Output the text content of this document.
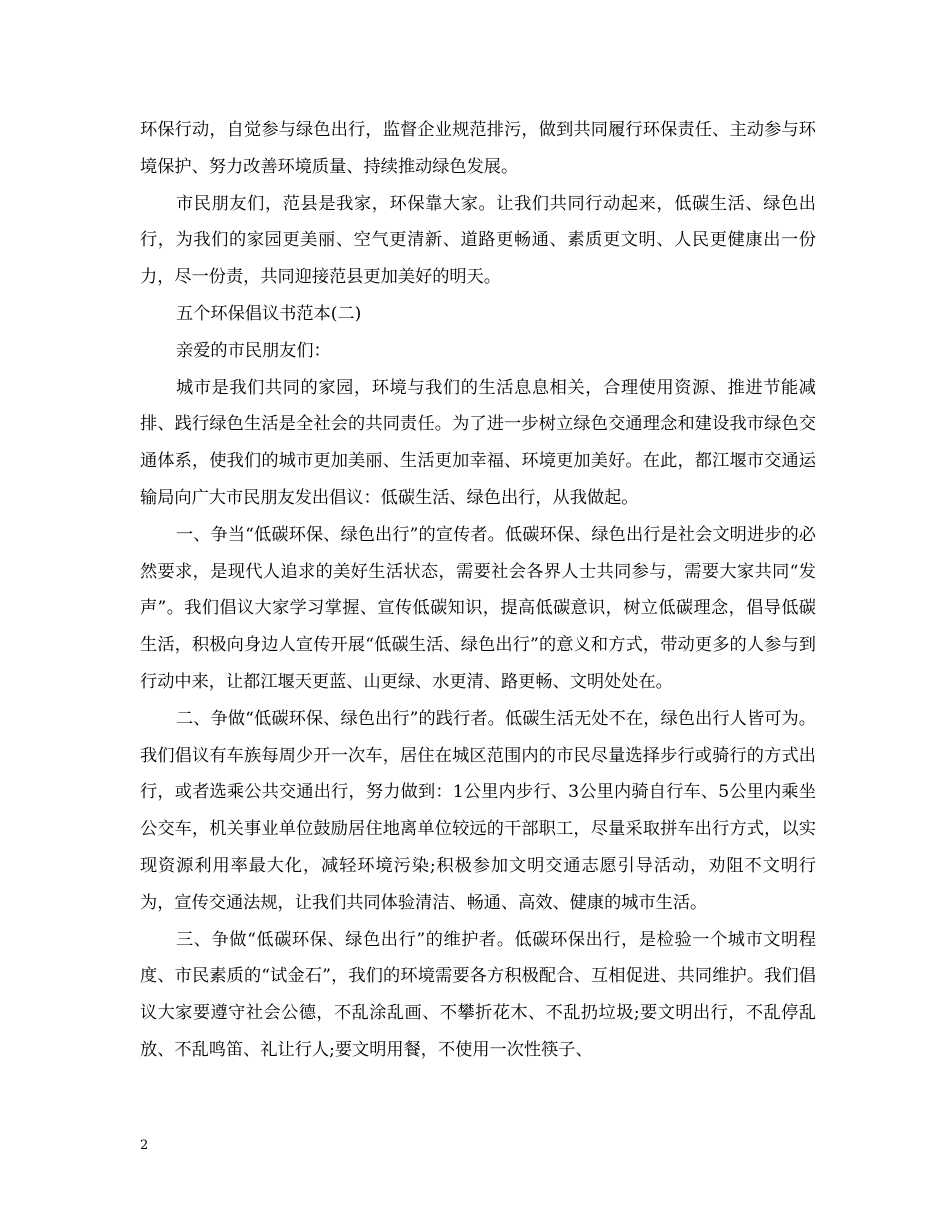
环保行动，自觉参与绿色出行，监督企业规范排污，做到共同履行环保责任、主动参与环境保护、努力改善环境质量、持续推动绿色发展。

市民朋友们，范县是我家，环保靠大家。让我们共同行动起来，低碳生活、绿色出行，为我们的家园更美丽、空气更清新、道路更畅通、素质更文明、人民更健康出一份力，尽一份责，共同迎接范县更加美好的明天。

五个环保倡议书范本(二)

亲爱的市民朋友们：

城市是我们共同的家园，环境与我们的生活息息相关，合理使用资源、推进节能减排、践行绿色生活是全社会的共同责任。为了进一步树立绿色交通理念和建设我市绿色交通体系，使我们的城市更加美丽、生活更加幸福、环境更加美好。在此，都江堰市交通运输局向广大市民朋友发出倡议：低碳生活、绿色出行，从我做起。

一、争当“低碳环保、绿色出行”的宣传者。低碳环保、绿色出行是社会文明进步的必然要求，是现代人追求的美好生活状态，需要社会各界人士共同参与，需要大家共同“发声”。我们倡议大家学习掌握、宣传低碳知识，提高低碳意识，树立低碳理念，倡导低碳生活，积极向身边人宣传开展“低碳生活、绿色出行”的意义和方式，带动更多的人参与到行动中来，让都江堰天更蓝、山更绿、水更清、路更畅、文明处处在。

二、争做“低碳环保、绿色出行”的践行者。低碳生活无处不在，绿色出行人皆可为。我们倡议有车族每周少开一次车，居住在城区范围内的市民尽量选择步行或骑行的方式出行，或者选乘公共交通出行，努力做到：1公里内步行、3公里内骑自行车、5公里内乘坐公交车，机关事业单位鼓励居住地离单位较远的干部职工，尽量采取拼车出行方式，以实现资源利用率最大化，减轻环境污染;积极参加文明交通志愿引导活动，劝阻不文明行为，宣传交通法规，让我们共同体验清洁、畅通、高效、健康的城市生活。

三、争做“低碳环保、绿色出行”的维护者。低碳环保出行，是检验一个城市文明程度、市民素质的“试金石”，我们的环境需要各方积极配合、互相促进、共同维护。我们倡议大家要遵守社会公德，不乱涂乱画、不攀折花木、不乱扔垃圾;要文明出行，不乱停乱放、不乱鸣笛、礼让行人;要文明用餐，不使用一次性筷子、

2
